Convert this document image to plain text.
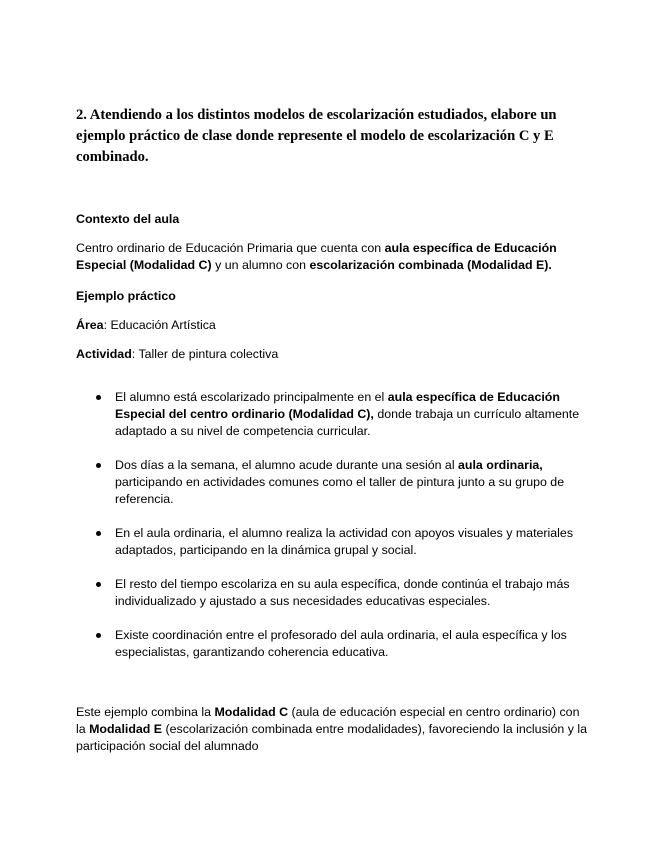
2. Atendiendo a los distintos modelos de escolarización estudiados, elabore un ejemplo práctico de clase donde represente el modelo de escolarización C y E combinado.
Contexto del aula
Centro ordinario de Educación Primaria que cuenta con aula específica de Educación Especial (Modalidad C) y un alumno con escolarización combinada (Modalidad E).
Ejemplo práctico
Área: Educación Artística
Actividad: Taller de pintura colectiva
El alumno está escolarizado principalmente en el aula específica de Educación Especial del centro ordinario (Modalidad C), donde trabaja un currículo altamente adaptado a su nivel de competencia curricular.
Dos días a la semana, el alumno acude durante una sesión al aula ordinaria, participando en actividades comunes como el taller de pintura junto a su grupo de referencia.
En el aula ordinaria, el alumno realiza la actividad con apoyos visuales y materiales adaptados, participando en la dinámica grupal y social.
El resto del tiempo escolariza en su aula específica, donde continúa el trabajo más individualizado y ajustado a sus necesidades educativas especiales.
Existe coordinación entre el profesorado del aula ordinaria, el aula específica y los especialistas, garantizando coherencia educativa.
Este ejemplo combina la Modalidad C (aula de educación especial en centro ordinario) con la Modalidad E (escolarización combinada entre modalidades), favoreciendo la inclusión y la participación social del alumnado
